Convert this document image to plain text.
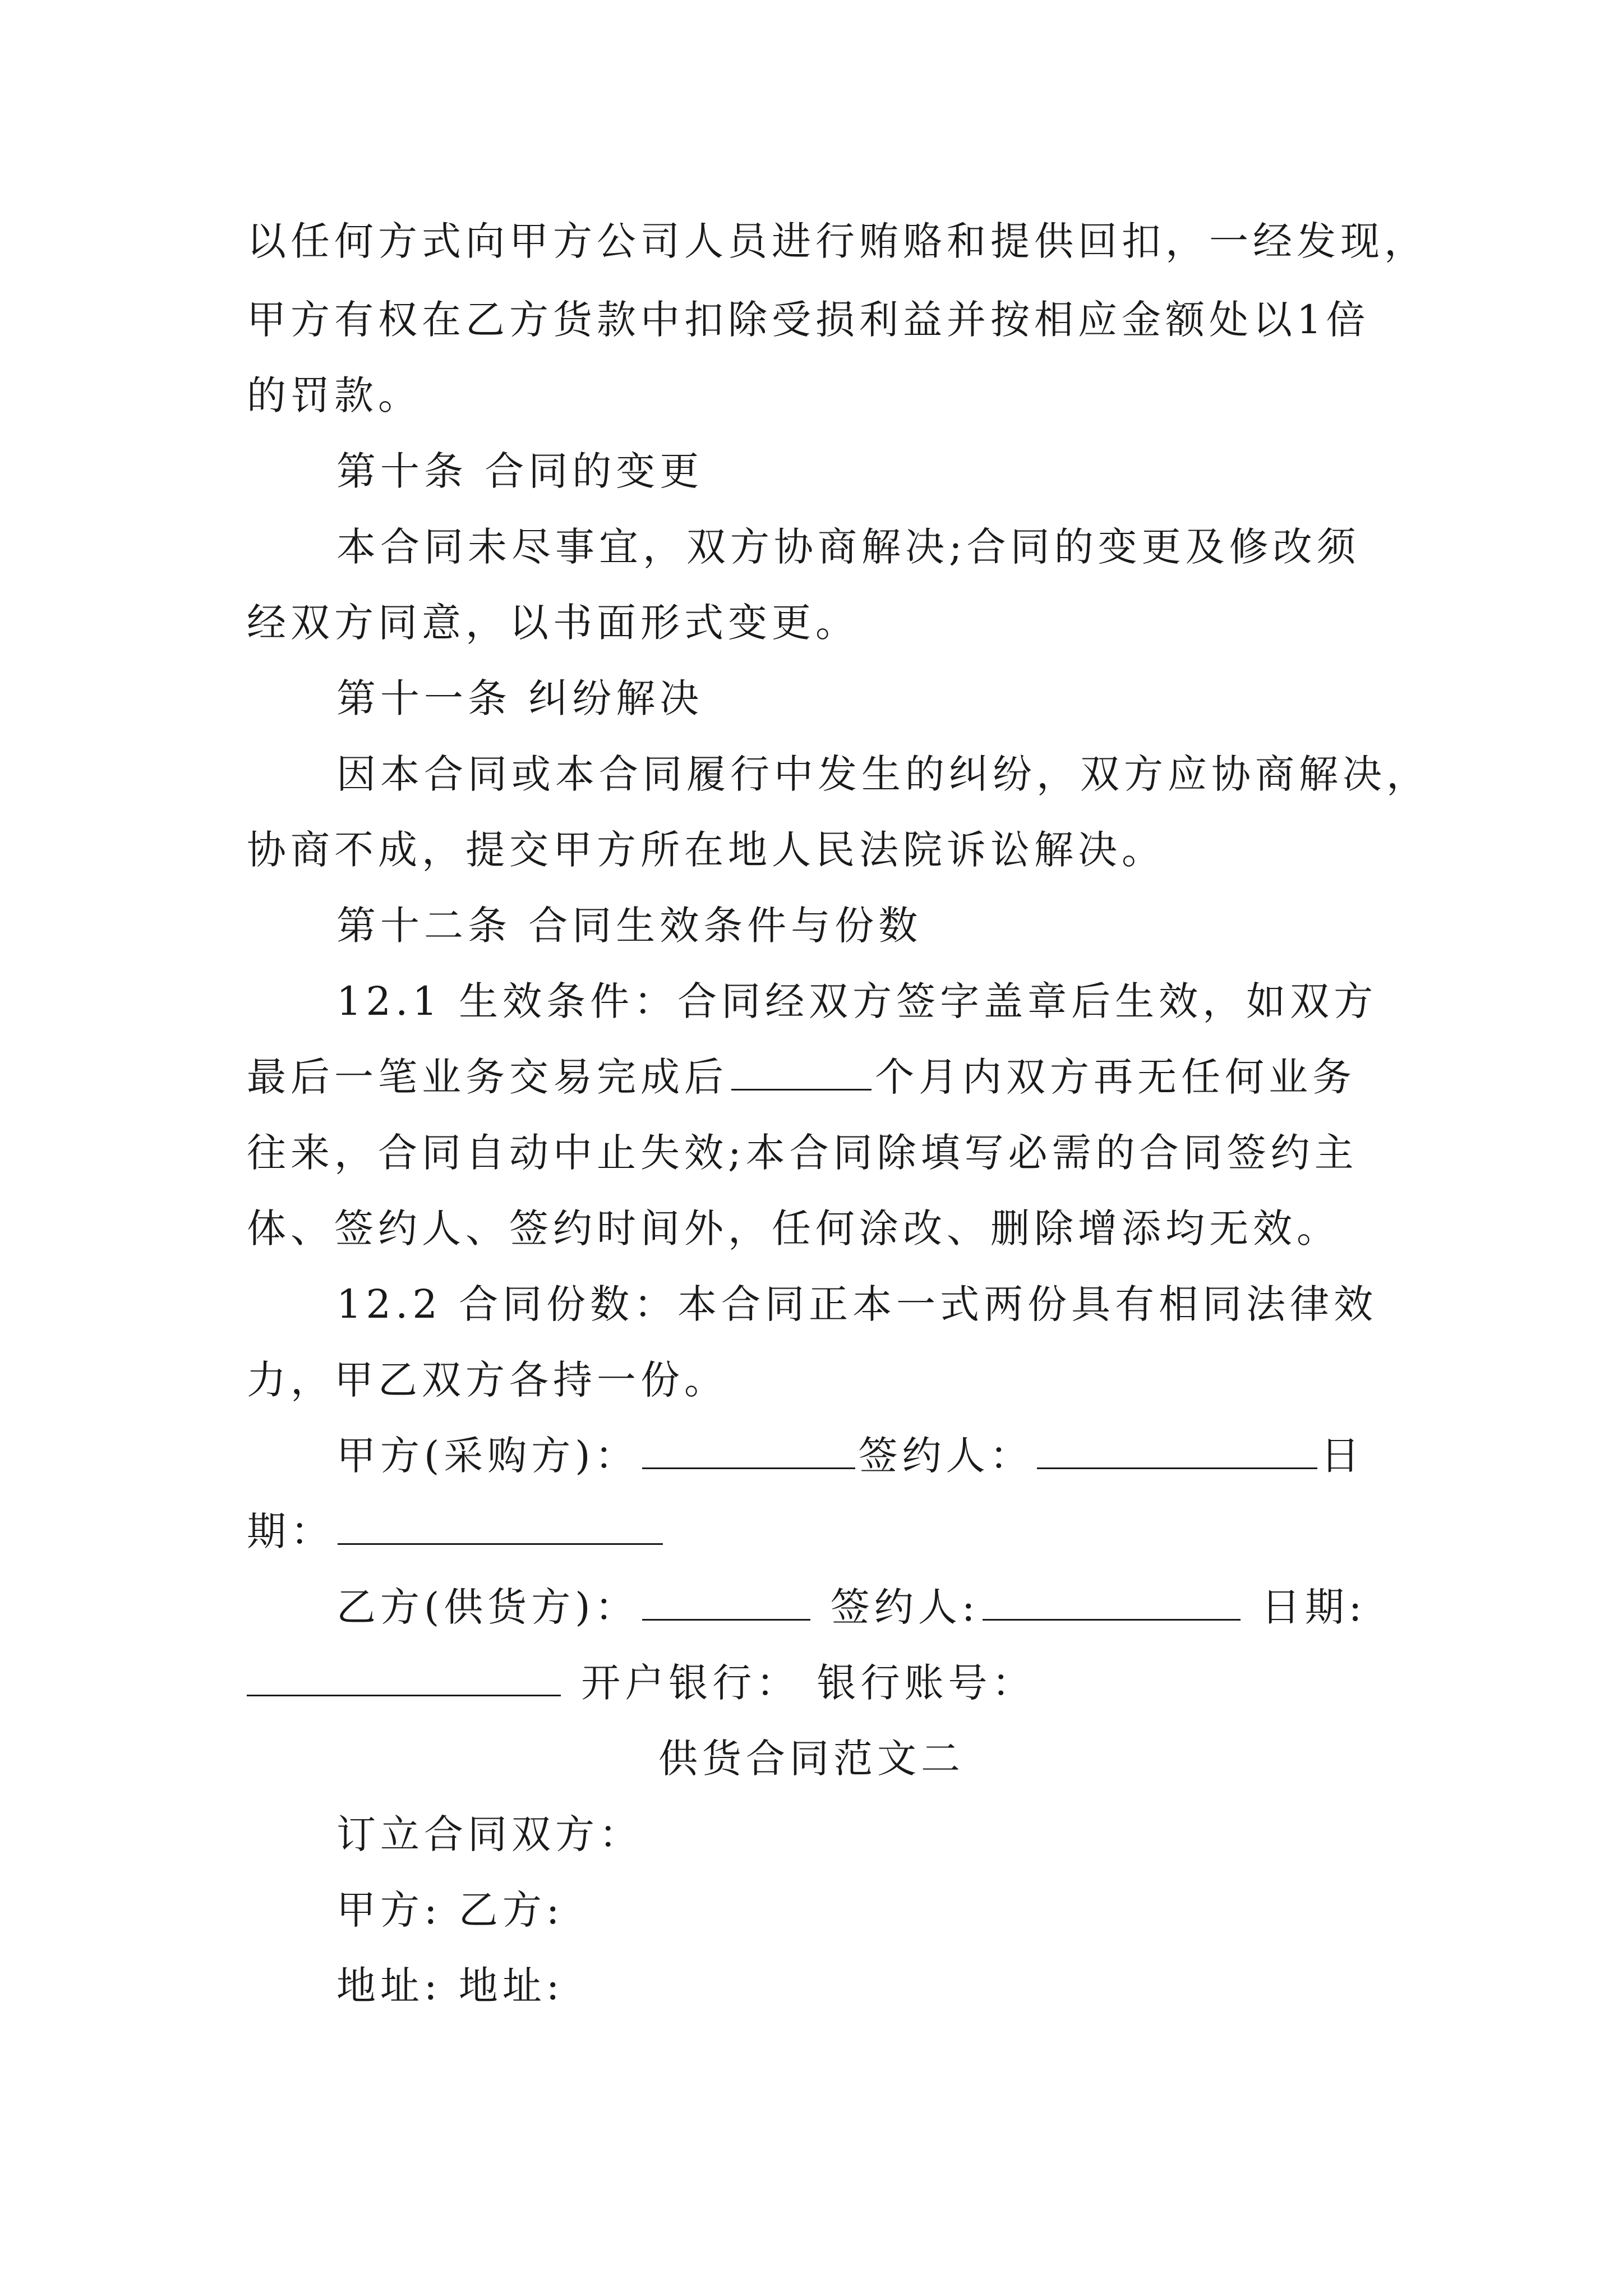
以任何方式向甲方公司人员进行贿赂和提供回扣，一经发现，
甲方有权在乙方货款中扣除受损利益并按相应金额处以1倍
的罚款。
第十条 合同的变更
本合同未尽事宜，双方协商解决;合同的变更及修改须
经双方同意，以书面形式变更。
第十一条 纠纷解决
因本合同或本合同履行中发生的纠纷，双方应协商解决，
协商不成，提交甲方所在地人民法院诉讼解决。
第十二条 合同生效条件与份数
12.1 生效条件：合同经双方签字盖章后生效，如双方
最后一笔业务交易完成后	个月内双方再无任何业务
往来，合同自动中止失效;本合同除填写必需的合同签约主
体、签约人、签约时间外，任何涂改、删除增添均无效。
12.2 合同份数：本合同正本一式两份具有相同法律效
力，甲乙双方各持一份。
甲方(采购方)：	签约人：	日
期：
乙方(供货方)：	签约人:	日期:
开户银行： 银行账号：
供货合同范文二
订立合同双方：
甲方: 乙方:
地址: 地址:
